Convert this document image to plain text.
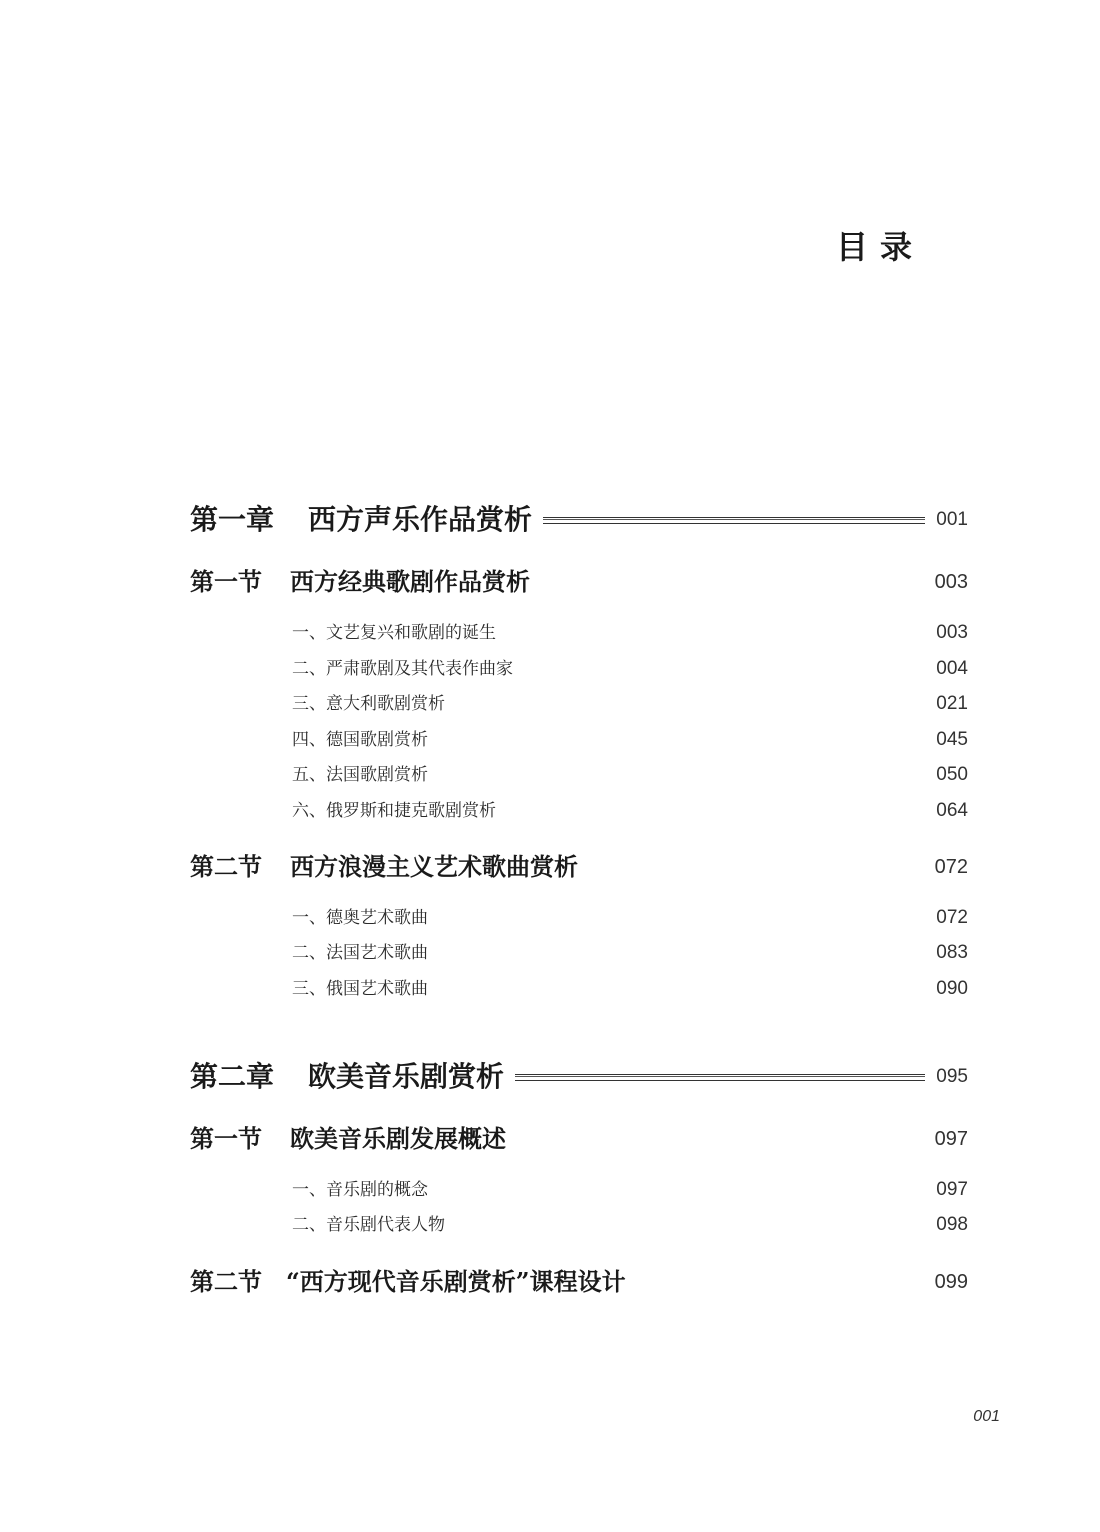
目录
第一章 西方声乐作品赏析	001
第一节 西方经典歌剧作品赏析	003
一、文艺复兴和歌剧的诞生	003
二、严肃歌剧及其代表作曲家	004
三、意大利歌剧赏析	021
四、德国歌剧赏析	045
五、法国歌剧赏析	050
六、俄罗斯和捷克歌剧赏析	064
第二节 西方浪漫主义艺术歌曲赏析	072
一、德奥艺术歌曲	072
二、法国艺术歌曲	083
三、俄国艺术歌曲	090
第二章 欧美音乐剧赏析	095
第一节 欧美音乐剧发展概述	097
一、音乐剧的概念	097
二、音乐剧代表人物	098
第二节 “西方现代音乐剧赏析”课程设计	099
001
